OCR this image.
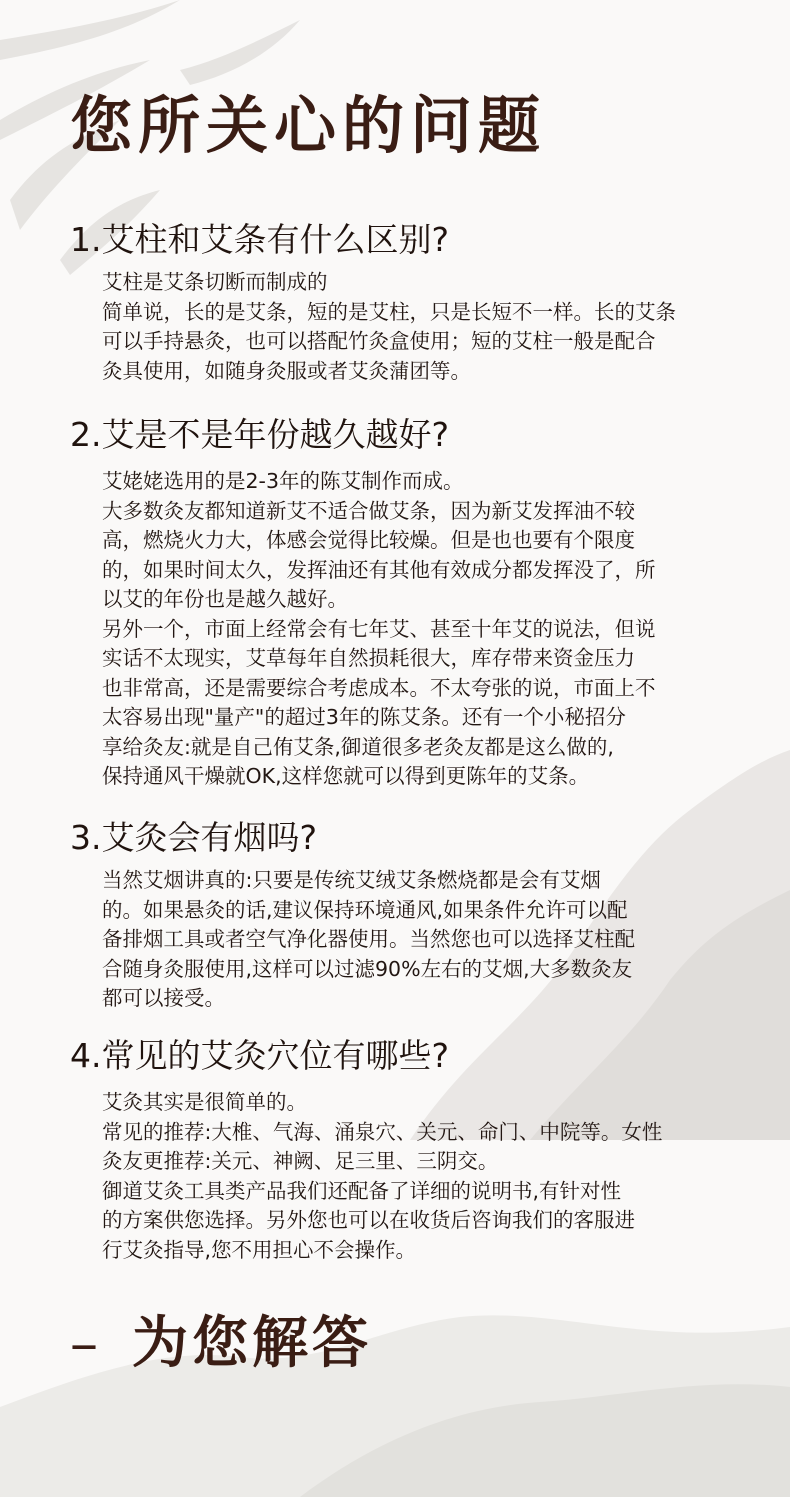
您所关心的问题
1.艾柱和艾条有什么区别?

艾柱是艾条切断而制成的

简单说，长的是艾条，短的是艾柱，只是长短不一样。长的艾条

可以手持悬灸，也可以搭配竹灸盒使用；短的艾柱一般是配合

灸具使用，如随身灸服或者艾灸蒲团等。

2.艾是不是年份越久越好?

艾姥姥选用的是2-3年的陈艾制作而成。

大多数灸友都知道新艾不适合做艾条，因为新艾发挥油不较

高，燃烧火力大，体感会觉得比较燥。但是也也要有个限度

的，如果时间太久，发挥油还有其他有效成分都发挥没了，所

以艾的年份也是越久越好。

另外一个，市面上经常会有七年艾、甚至十年艾的说法，但说

实话不太现实，艾草每年自然损耗很大，库存带来资金压力

也非常高，还是需要综合考虑成本。不太夸张的说，市面上不

太容易出现"量产"的超过3年的陈艾条。还有一个小秘招分

享给灸友:就是自己侑艾条,御道很多老灸友都是这么做的,

保持通风干燥就OK,这样您就可以得到更陈年的艾条。

3.艾灸会有烟吗?

当然艾烟讲真的:只要是传统艾绒艾条燃烧都是会有艾烟

的。如果悬灸的话,建议保持环境通风,如果条件允许可以配

备排烟工具或者空气净化器使用。当然您也可以选择艾柱配

合随身灸服使用,这样可以过滤90%左右的艾烟,大多数灸友

都可以接受。

4.常见的艾灸穴位有哪些?

艾灸其实是很简单的。

常见的推荐:大椎、气海、涌泉穴、关元、命门、中院等。女性

灸友更推荐:关元、神阙、足三里、三阴交。

御道艾灸工具类产品我们还配备了详细的说明书,有针对性

的方案供您选择。另外您也可以在收货后咨询我们的客服进

行艾灸指导,您不用担心不会操作。

– 为您解答
